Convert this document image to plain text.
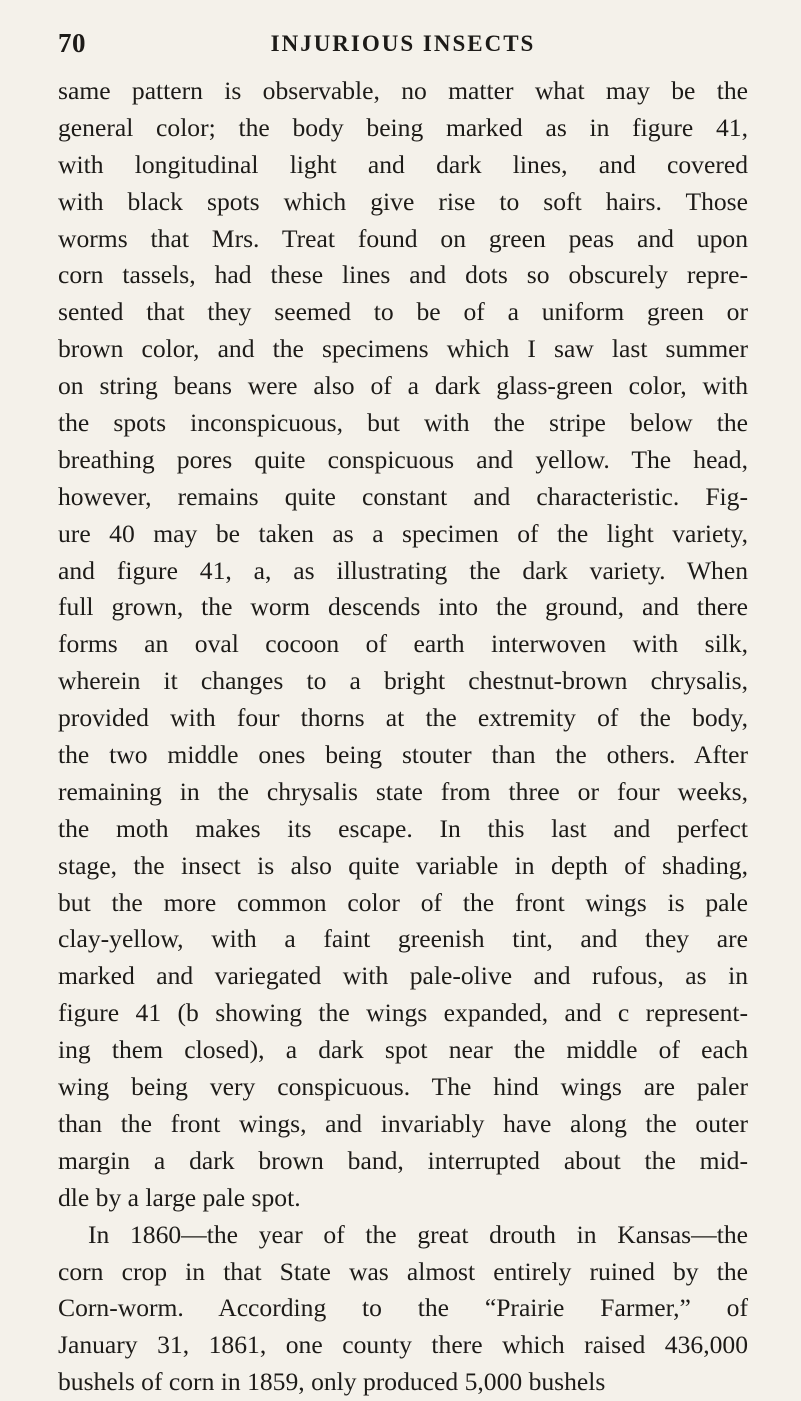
70	INJURIOUS INSECTS
same pattern is observable, no matter what may be the
general color; the body being marked as in figure 41,
with longitudinal light and dark lines, and covered
with black spots which give rise to soft hairs. Those
worms that Mrs. Treat found on green peas and upon
corn tassels, had these lines and dots so obscurely repre-
sented that they seemed to be of a uniform green or
brown color, and the specimens which I saw last summer
on string beans were also of a dark glass-green color, with
the spots inconspicuous, but with the stripe below the
breathing pores quite conspicuous and yellow. The head,
however, remains quite constant and characteristic. Fig-
ure 40 may be taken as a specimen of the light variety,
and figure 41, a, as illustrating the dark variety. When
full grown, the worm descends into the ground, and there
forms an oval cocoon of earth interwoven with silk,
wherein it changes to a bright chestnut-brown chrysalis,
provided with four thorns at the extremity of the body,
the two middle ones being stouter than the others. After
remaining in the chrysalis state from three or four weeks,
the moth makes its escape. In this last and perfect
stage, the insect is also quite variable in depth of shading,
but the more common color of the front wings is pale
clay-yellow, with a faint greenish tint, and they are
marked and variegated with pale-olive and rufous, as in
figure 41 (b showing the wings expanded, and c represent-
ing them closed), a dark spot near the middle of each
wing being very conspicuous. The hind wings are paler
than the front wings, and invariably have along the outer
margin a dark brown band, interrupted about the mid-
dle by a large pale spot.
In 1860—the year of the great drouth in Kansas—the
corn crop in that State was almost entirely ruined by the
Corn-worm. According to the “Prairie Farmer,” of
January 31, 1861, one county there which raised 436,000
bushels of corn in 1859, only produced 5,000 bushels
